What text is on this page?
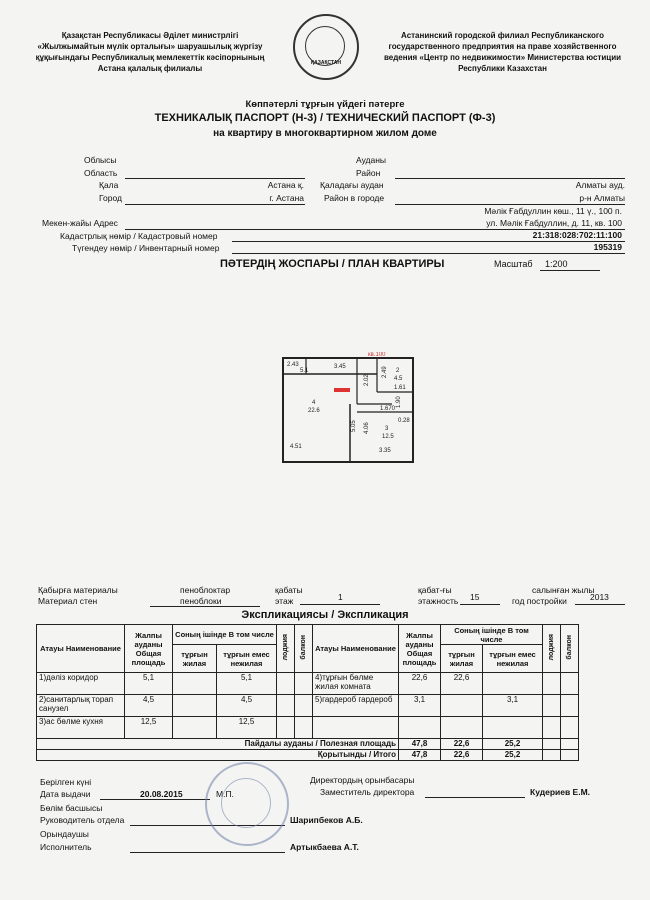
Қазақстан Республикасы Әділет министрлігі
«Жылжымайтын мүлік орталығы» шаруашылық жүргізу
құқығындағы Республикалық мемлекеттік кәсіпорнының
Астана қалалық филиалы
ҚАЗАҚСТАН
Астанинский городской филиал Республиканского
государственного предприятия на праве хозяйственного
ведения «Центр по недвижимости» Министерства юстиции
Республики Казахстан
Көппәтерлі тұрғын үйдегі пәтерге
ТЕХНИКАЛЫҚ ПАСПОРТ (Н-3) / ТЕХНИЧЕСКИЙ ПАСПОРТ (Ф-3)
на квартиру в многоквартирном жилом доме
Облысы
Область
Ауданы
Район
Қала
Город
Астана қ.
г. Астана
Қаладағы аудан
Район в городе
Алматы ауд.
р-н Алматы
Мекен-жайы Адрес
Мәлік Ғабдуллин көш., 11 ү., 100 п.
ул. Мәлік Ғабдуллин, д. 11, кв. 100
Кадастрлық нөмір / Кадастровый номер	21:318:028:702:11:100
Түгендеу нөмір / Инвентарный номер	195319
ПӘТЕРДІҢ ЖОСПАРЫ / ПЛАН КВАРТИРЫ	Масштаб 1:200
кв.100
2.43
5.1
3.45
2.02
2.49 2
4.5
1.61
4
22.6	1.670
1.90
0.28
5.05 4.06	3
12.5
4.51
3.35
Қабырға материалы
Материал стен
пеноблоктар
пеноблоки
қабаты
этаж	1
қабат-ғы
этажность 15
салынған жылы
год постройки	2013
Экспликациясы / Экспликация
Атауы Наименование	Жалпы ауданы Общая площадь	Соның ішінде В том числе		лоджия	балкон	Атауы Наименование	Жалпы ауданы Общая площадь	Соның ішінде В том числе		лоджия	балкон
		тұрғын жилая	тұрғын емес нежилая					тұрғын жилая	тұрғын емес нежилая		
1)дәліз коридор	5,1		5,1			4)тұрғын бөлме жилая комната	22,6	22,6			
2)санитарлық торап санузел	4,5		4,5			5)гардероб гардероб	3,1		3,1		
3)ас бөлме кухня	12,5		12,5								
Пайдалы ауданы / Полезная площадь							47,8	22,6	25,2		
Қорытынды / Итого							47,8	22,6	25,2		
Берілген күні
Дата выдачи	20.08.2015	М.П.
Бөлім басшысы
Руководитель отдела	Шарипбеков А.Б.
Орындаушы
Исполнитель	Артыкбаева А.Т.
Директордың орынбасары
Заместитель директора	Кудериев Е.М.
